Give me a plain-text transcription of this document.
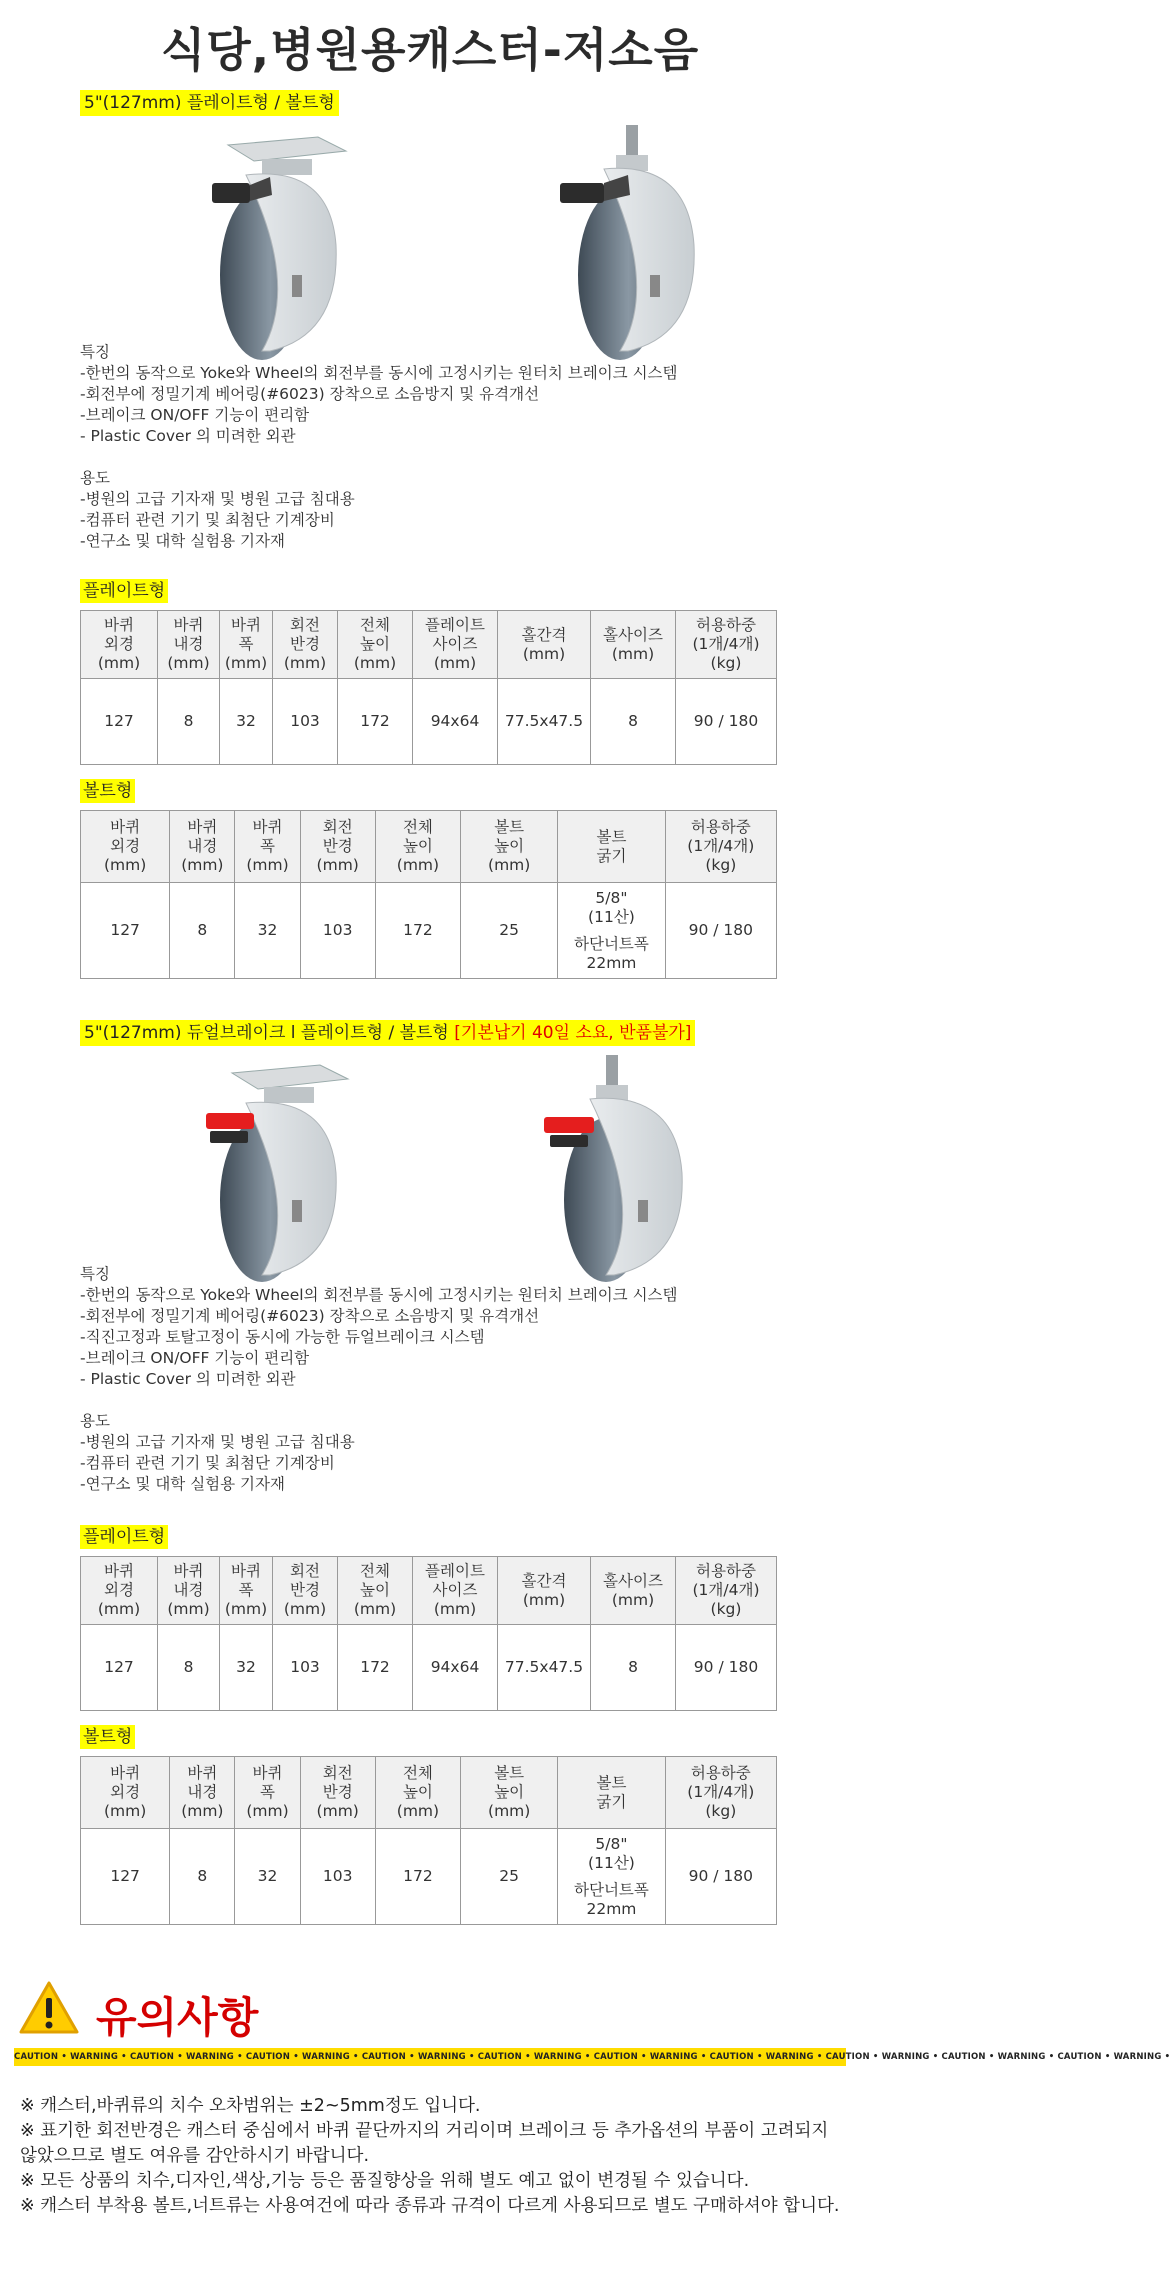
식당,병원용캐스터-저소음
5"(127mm) 플레이트형 / 볼트형
특징
-한번의 동작으로 Yoke와 Wheel의 회전부를 동시에 고정시키는 원터치 브레이크 시스템
-회전부에 정밀기계 베어링(#6023) 장착으로 소음방지 및 유격개선
-브레이크 ON/OFF 기능이 편리함
- Plastic Cover 의 미려한 외관
용도
-병원의 고급 기자재 및 병원 고급 침대용
-컴퓨터 관련 기기 및 최첨단 기계장비
-연구소 및 대학 실험용 기자재
플레이트형
바퀴
외경
(mm)	바퀴
내경
(mm)	바퀴
폭
(mm)	회전
반경
(mm)	전체
높이
(mm)	플레이트
사이즈
(mm)	홀간격
(mm)	홀사이즈
(mm)	허용하중
(1개/4개)
(kg)
127	8	32	103	172	94x64	77.5x47.5	8	90 / 180
볼트형
바퀴
외경
(mm)	바퀴
내경
(mm)	바퀴
폭
(mm)	회전
반경
(mm)	전체
높이
(mm)	볼트
높이
(mm)	볼트
굵기	허용하중
(1개/4개)
(kg)
127	8	32	103	172	25	5/8"
(11산)

하단너트폭
22mm	90 / 180
5"(127mm) 듀얼브레이크 l 플레이트형 / 볼트형 [기본납기 40일 소요, 반품불가]
특징
-한번의 동작으로 Yoke와 Wheel의 회전부를 동시에 고정시키는 원터치 브레이크 시스템
-회전부에 정밀기계 베어링(#6023) 장착으로 소음방지 및 유격개선
-직진고정과 토탈고정이 동시에 가능한 듀얼브레이크 시스템
-브레이크 ON/OFF 기능이 편리함
- Plastic Cover 의 미려한 외관
용도
-병원의 고급 기자재 및 병원 고급 침대용
-컴퓨터 관련 기기 및 최첨단 기계장비
-연구소 및 대학 실험용 기자재
플레이트형
바퀴
외경
(mm)	바퀴
내경
(mm)	바퀴
폭
(mm)	회전
반경
(mm)	전체
높이
(mm)	플레이트
사이즈
(mm)	홀간격
(mm)	홀사이즈
(mm)	허용하중
(1개/4개)
(kg)
127	8	32	103	172	94x64	77.5x47.5	8	90 / 180
볼트형
바퀴
외경
(mm)	바퀴
내경
(mm)	바퀴
폭
(mm)	회전
반경
(mm)	전체
높이
(mm)	볼트
높이
(mm)	볼트
굵기	허용하중
(1개/4개)
(kg)
127	8	32	103	172	25	5/8"
(11산)

하단너트폭
22mm	90 / 180
유의사항
CAUTION • WARNING • CAUTION • WARNING • CAUTION • WARNING • CAUTION • WARNING • CAUTION • WARNING • CAUTION • WARNING • CAUTION • WARNING • CAUTION • WARNING • CAUTION • WARNING • CAUTION • WARNING •
※ 캐스터,바퀴류의 치수 오차범위는 ±2~5mm정도 입니다.
※ 표기한 회전반경은 캐스터 중심에서 바퀴 끝단까지의 거리이며 브레이크 등 추가옵션의 부품이 고려되지 않았으므로 별도 여유를 감안하시기 바랍니다.
※ 모든 상품의 치수,디자인,색상,기능 등은 품질향상을 위해 별도 예고 없이 변경될 수 있습니다.
※ 캐스터 부착용 볼트,너트류는 사용여건에 따라 종류과 규격이 다르게 사용되므로 별도 구매하셔야 합니다.
